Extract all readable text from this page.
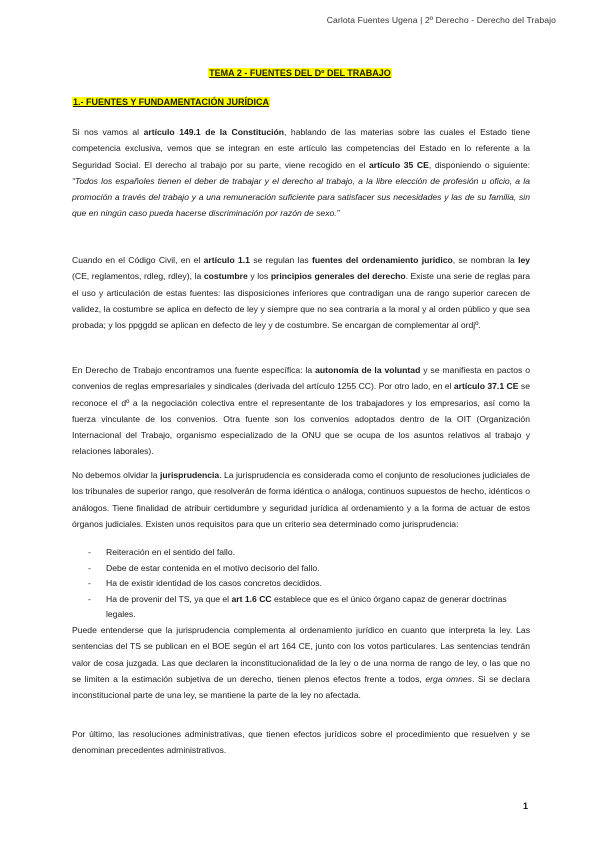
Carlota Fuentes Ugena | 2º Derecho - Derecho del Trabajo
TEMA 2 - FUENTES DEL Dº DEL TRABAJO
1.- FUENTES Y FUNDAMENTACIÓN JURÍDICA

Si nos vamos al artículo 149.1 de la Constitución, hablando de las materias sobre las cuales el Estado tiene competencia exclusiva, vemos que se integran en este artículo las competencias del Estado en lo referente a la Seguridad Social. El derecho al trabajo por su parte, viene recogido en el artículo 35 CE, disponiendo o siguiente: “Todos los españoles tienen el deber de trabajar y el derecho al trabajo, a la libre elección de profesión u oficio, a la promoción a través del trabajo y a una remuneración suficiente para satisfacer sus necesidades y las de su familia, sin que en ningún caso pueda hacerse discriminación por razón de sexo.”

Cuando en el Código Civil, en el artículo 1.1 se regulan las fuentes del ordenamiento jurídico, se nombran la ley (CE, reglamentos, rdleg, rdley), la costumbre y los principios generales del derecho. Existe una serie de reglas para el uso y articulación de estas fuentes: las disposiciones inferiores que contradigan una de rango superior carecen de validez, la costumbre se aplica en defecto de ley y siempre que no sea contraria a la moral y al orden público y que sea probada; y los ppggdd se aplican en defecto de ley y de costumbre. Se encargan de complementar al ordjº.

En Derecho de Trabajo encontramos una fuente específica: la autonomía de la voluntad y se manifiesta en pactos o convenios de reglas empresariales y sindicales (derivada del artículo 1255 CC). Por otro lado, en el artículo 37.1 CE se reconoce el dº a la negociación colectiva entre el representante de los trabajadores y los empresarios, así como la fuerza vinculante de los convenios. Otra fuente son los convenios adoptados dentro de la OIT (Organización Internacional del Trabajo, organismo especializado de la ONU que se ocupa de los asuntos relativos al trabajo y relaciones laborales).

No debemos olvidar la jurisprudencia. La jurisprudencia es considerada como el conjunto de resoluciones judiciales de los tribunales de superior rango, que resolverán de forma idéntica o análoga, continuos supuestos de hecho, idénticos o análogos. Tiene finalidad de atribuir certidumbre y seguridad jurídica al ordenamiento y a la forma de actuar de estos órganos judiciales. Existen unos requisitos para que un criterio sea determinado como jurisprudencia:

- Reiteración en el sentido del fallo.
- Debe de estar contenida en el motivo decisorio del fallo.
- Ha de existir identidad de los casos concretos decididos.
- Ha de provenir del TS, ya que el art 1.6 CC establece que es el único órgano capaz de generar doctrinas legales.

Puede entenderse que la jurisprudencia complementa al ordenamiento jurídico en cuanto que interpreta la ley. Las sentencias del TS se publican en el BOE según el art 164 CE, junto con los votos particulares. Las sentencias tendrán valor de cosa juzgada. Las que declaren la inconstitucionalidad de la ley o de una norma de rango de ley, o las que no se limiten a la estimación subjetiva de un derecho, tienen plenos efectos frente a todos, erga omnes. Si se declara inconstitucional parte de una ley, se mantiene la parte de la ley no afectada.

Por último, las resoluciones administrativas, que tienen efectos jurídicos sobre el procedimiento que resuelven y se denominan precedentes administrativos.

1
